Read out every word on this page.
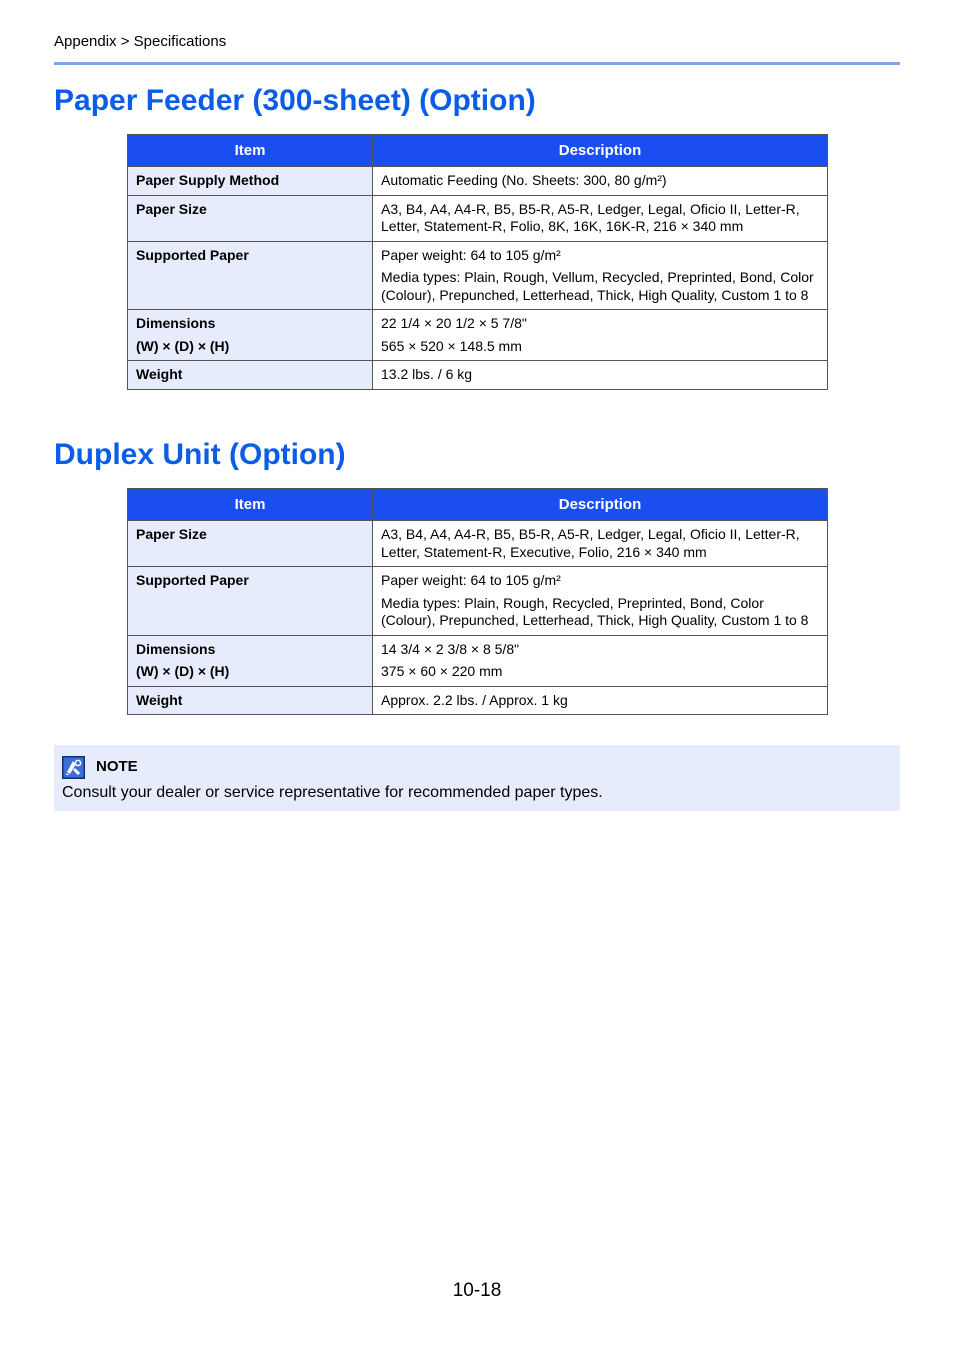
Appendix > Specifications
Paper Feeder (300-sheet) (Option)
Item	Description

Paper Supply Method	Automatic Feeding (No. Sheets: 300, 80 g/m²)

Paper Size	A3, B4, A4, A4-R, B5, B5-R, A5-R, Ledger, Legal, Oficio II, Letter-R, Letter, Statement-R, Folio, 8K, 16K, 16K-R, 216 × 340 mm

Supported Paper	Paper weight: 64 to 105 g/m²
Media types: Plain, Rough, Vellum, Recycled, Preprinted, Bond, Color (Colour), Prepunched, Letterhead, Thick, High Quality, Custom 1 to 8

Dimensions
(W) × (D) × (H)	22 1/4 × 20 1/2 × 5 7/8"
565 × 520 × 148.5 mm

Weight	13.2 lbs. / 6 kg
Duplex Unit (Option)
Item	Description

Paper Size	A3, B4, A4, A4-R, B5, B5-R, A5-R, Ledger, Legal, Oficio II, Letter-R, Letter, Statement-R, Executive, Folio, 216 × 340 mm

Supported Paper	Paper weight: 64 to 105 g/m²
Media types: Plain, Rough, Recycled, Preprinted, Bond, Color (Colour), Prepunched, Letterhead, Thick, High Quality, Custom 1 to 8

Dimensions
(W) × (D) × (H)	14 3/4 × 2 3/8 × 8 5/8"
375 × 60 × 220 mm

Weight	Approx. 2.2 lbs. / Approx. 1 kg
NOTE
Consult your dealer or service representative for recommended paper types.
10-18
